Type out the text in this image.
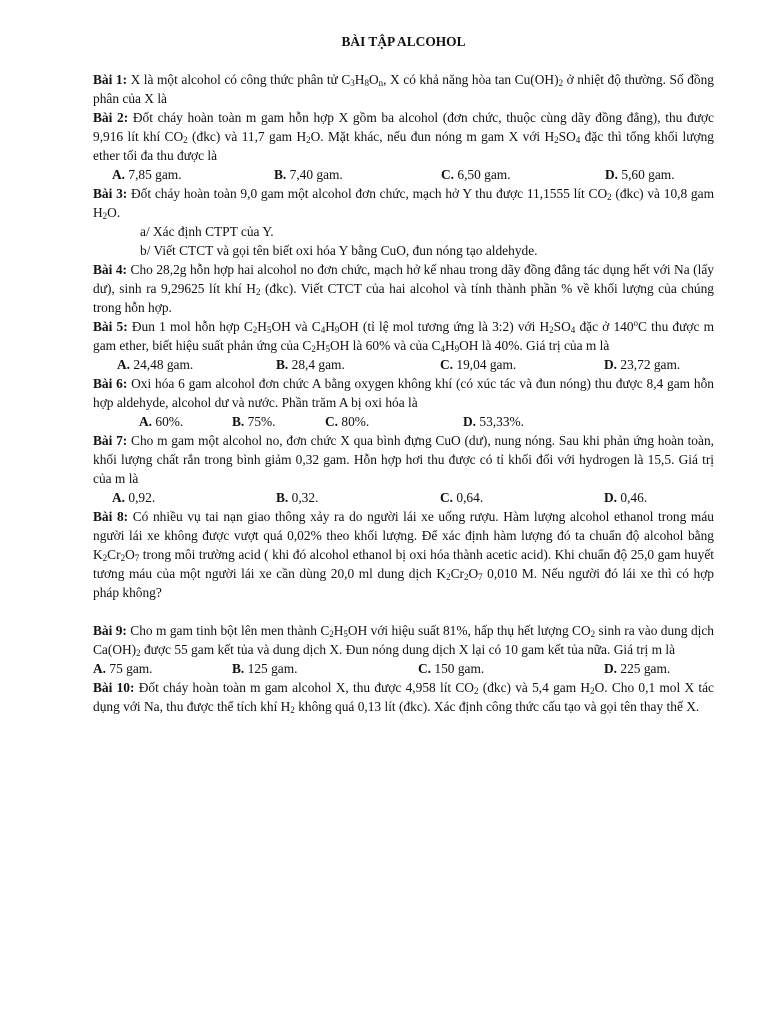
BÀI TẬP ALCOHOL

Bài 1: X là một alcohol có công thức phân tử $C_3H_8O_n$, X có khả năng hòa $\tan Cu(OH)_2$ ở nhiệt độ thường. Số đồng phân của X là

Bài 2: Đốt cháy hoàn toàn m gam hỗn hợp X gồm ba alcohol (đơn chức, thuộc cùng dãy đồng đẳng), thu được 9,916 lít khí $CO_2$ (đkc) và 11,7 gam $H_2O$. Mặt khác, nếu đun nóng m gam X với $H_2SO_4$ đặc thì tổng khối lượng ether tối đa thu được là

A. 7,85 gam.	B. 7,40 gam.	C. 6,50 gam.	D. 5,60 gam.

Bài 3: Đốt cháy hoàn toàn 9,0 gam một alcohol đơn chức, mạch hở Y thu được 11,1555 lít $CO_2$ (đkc) và 10,8 gam $H_2O$.

a/ Xác định CTPT của Y.

b/ Viết CTCT và gọi tên biết oxi hóa Y bằng CuO, đun nóng tạo aldehyde.

Bài 4: Cho 28,2g hỗn hợp hai alcohol no đơn chức, mạch hở kế nhau trong dãy đồng đẳng tác dụng hết với Na (lấy dư), sinh ra 9,29625 lít khí $H_2$ (đkc). Viết CTCT của hai alcohol và tính thành phần % về khối lượng của chúng trong hỗn hợp.

Bài 5: Đun 1 mol hỗn hợp $C_2H_5OH$ và $C_4H_9OH$ (tỉ lệ mol tương ứng là 3:2) với $H_2SO_4$ đặc ở 140$^o$C thu được m gam ether, biết hiệu suất phản ứng của $C_2H_5OH$ là 60% và của $C_4H_9OH$ là 40%. Giá trị của m là

A. 24,48 gam.	B. 28,4 gam.	C. 19,04 gam.	D. 23,72 gam.

Bài 6: Oxi hóa 6 gam alcohol đơn chức A bằng oxygen không khí (có xúc tác và đun nóng) thu được 8,4 gam hỗn hợp aldehyde, alcohol dư và nước. Phần trăm A bị oxi hóa là

A. 60%.	B. 75%.	C. 80%.	D. 53,33%.

Bài 7: Cho m gam một alcohol no, đơn chức X qua bình đựng CuO (dư), nung nóng. Sau khi phản ứng hoàn toàn, khối lượng chất rắn trong bình giảm 0,32 gam. Hỗn hợp hơi thu được có tỉ khối đối với hydrogen là 15,5. Giá trị của m là

A. 0,92.	B. 0,32.	C. 0,64.	D. 0,46.

Bài 8: Có nhiều vụ tai nạn giao thông xảy ra do người lái xe uống rượu. Hàm lượng alcohol ethanol trong máu người lái xe không được vượt quá 0,02% theo khối lượng. Để xác định hàm lượng đó ta chuẩn độ alcohol bằng $K_2Cr_2O_7$ trong môi trường acid ( khi đó alcohol ethanol bị oxi hóa thành acetic acid). Khi chuẩn độ 25,0 gam huyết tương máu của một người lái xe cần dùng 20,0 ml dung dịch $K_2Cr_2O_7$ 0,010 M. Nếu người đó lái xe thì có hợp pháp không?

Bài 9: Cho m gam tinh bột lên men thành $C_2H_5OH$ với hiệu suất 81%, hấp thụ hết lượng $CO_2$ sinh ra vào dung dịch $Ca(OH)_2$ được 55 gam kết tủa và dung dịch X. Đun nóng dung dịch X lại có 10 gam kết tủa nữa. Giá trị m là

A. 75 gam.	B. 125 gam.	C. 150 gam.	D. 225 gam.

Bài 10: Đốt cháy hoàn toàn m gam alcohol X, thu được 4,958 lít $CO_2$ (đkc) và 5,4 gam $H_2O$. Cho 0,1 mol X tác dụng với Na, thu được thể tích khí $H_2$ không quá 0,13 lít (đkc). Xác định công thức cấu tạo và gọi tên thay thế X.
